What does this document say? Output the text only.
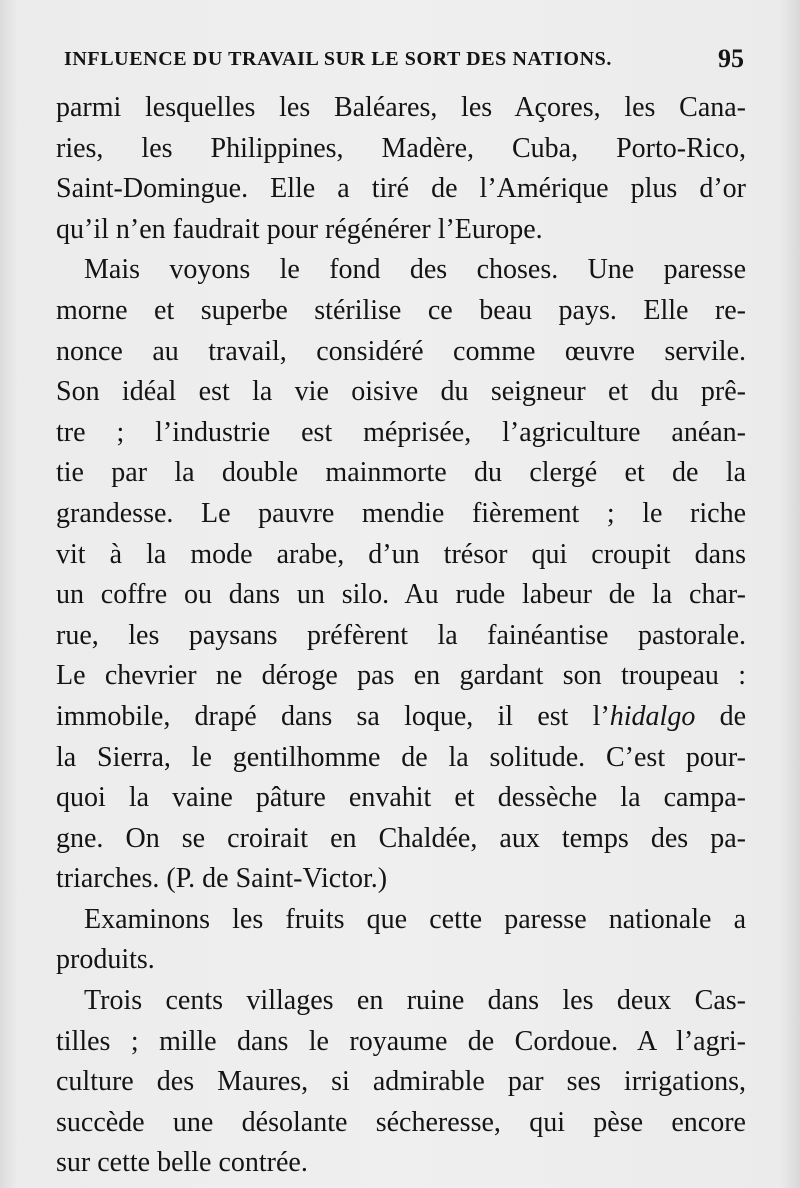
INFLUENCE DU TRAVAIL SUR LE SORT DES NATIONS.	95
parmi lesquelles les Baléares, les Açores, les Cana-
ries, les Philippines, Madère, Cuba, Porto-Rico,
Saint-Domingue. Elle a tiré de l’Amérique plus d’or
qu’il n’en faudrait pour régénérer l’Europe.
Mais voyons le fond des choses. Une paresse
morne et superbe stérilise ce beau pays. Elle re-
nonce au travail, considéré comme œuvre servile.
Son idéal est la vie oisive du seigneur et du prê-
tre ; l’industrie est méprisée, l’agriculture anéan-
tie par la double mainmorte du clergé et de la
grandesse. Le pauvre mendie fièrement ; le riche
vit à la mode arabe, d’un trésor qui croupit dans
un coffre ou dans un silo. Au rude labeur de la char-
rue, les paysans préfèrent la fainéantise pastorale.
Le chevrier ne déroge pas en gardant son troupeau :
immobile, drapé dans sa loque, il est l’hidalgo de
la Sierra, le gentilhomme de la solitude. C’est pour-
quoi la vaine pâture envahit et dessèche la campa-
gne. On se croirait en Chaldée, aux temps des pa-
triarches. (P. de Saint-Victor.)
Examinons les fruits que cette paresse nationale a
produits.
Trois cents villages en ruine dans les deux Cas-
tilles ; mille dans le royaume de Cordoue. A l’agri-
culture des Maures, si admirable par ses irrigations,
succède une désolante sécheresse, qui pèse encore
sur cette belle contrée.
